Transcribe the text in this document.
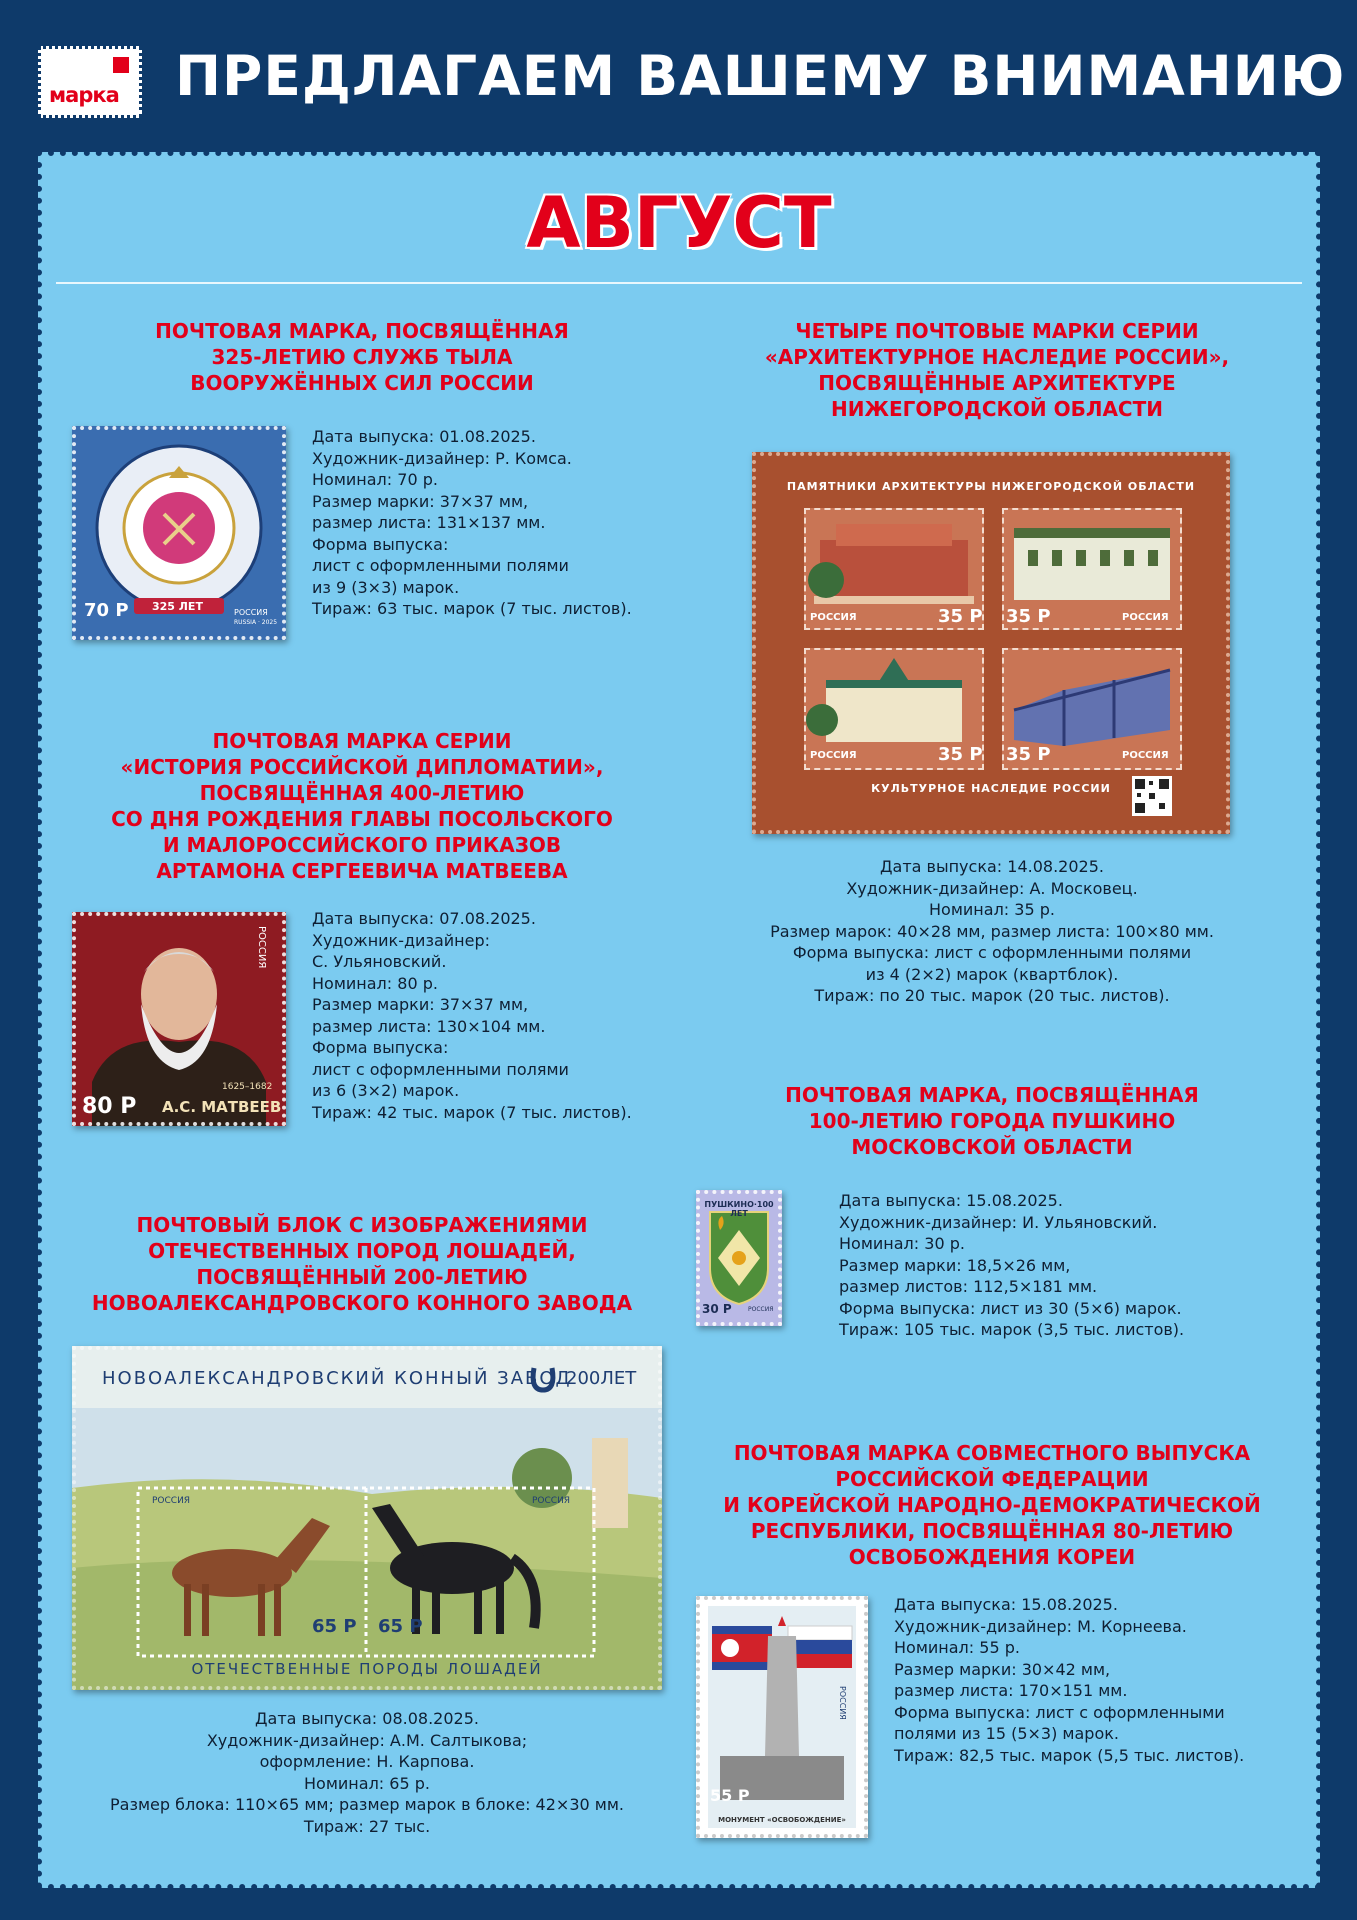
марка ПРЕДЛАГАЕМ ВАШЕМУ ВНИМАНИЮ
АВГУСТ
ПОЧТОВАЯ МАРКА, ПОСВЯЩЁННАЯ
325-ЛЕТИЮ СЛУЖБ ТЫЛА
ВООРУЖЁННЫХ СИЛ РОССИИ
325 ЛЕТ
70 Р	РОССИЯ
RUSSIA · 2025
Дата выпуска: 01.08.2025.
Художник-дизайнер: Р. Комса.
Номинал: 70 р.
Размер марки: 37×37 мм,
размер листа: 131×137 мм.
Форма выпуска:
лист с оформленными полями
из 9 (3×3) марок.
Тираж: 63 тыс. марок (7 тыс. листов).
ЧЕТЫРЕ ПОЧТОВЫЕ МАРКИ СЕРИИ
«АРХИТЕКТУРНОЕ НАСЛЕДИЕ РОССИИ»,
ПОСВЯЩЁННЫЕ АРХИТЕКТУРЕ
НИЖЕГОРОДСКОЙ ОБЛАСТИ
ПАМЯТНИКИ АРХИТЕКТУРЫ НИЖЕГОРОДСКОЙ ОБЛАСТИ
35 Р 35 Р
35 Р 35 Р
РОССИЯ	РОССИЯ
РОССИЯ	РОССИЯ
КУЛЬТУРНОЕ НАСЛЕДИЕ РОССИИ
Дата выпуска: 14.08.2025.
Художник-дизайнер: А. Московец.
Номинал: 35 р.
Размер марок: 40×28 мм, размер листа: 100×80 мм.
Форма выпуска: лист с оформленными полями
из 4 (2×2) марок (квартблок).
Тираж: по 20 тыс. марок (20 тыс. листов).
ПОЧТОВАЯ МАРКА СЕРИИ
«ИСТОРИЯ РОССИЙСКОЙ ДИПЛОМАТИИ»,
ПОСВЯЩЁННАЯ 400-ЛЕТИЮ
СО ДНЯ РОЖДЕНИЯ ГЛАВЫ ПОСОЛЬСКОГО
И МАЛОРОССИЙСКОГО ПРИКАЗОВ
АРТАМОНА СЕРГЕЕВИЧА МАТВЕЕВА
80 Р А.С. МАТВЕЕВ
1625–1682
РОССИЯ
Дата выпуска: 07.08.2025.
Художник-дизайнер:
С. Ульяновский.
Номинал: 80 р.
Размер марки: 37×37 мм,
размер листа: 130×104 мм.
Форма выпуска:
лист с оформленными полями
из 6 (3×2) марок.
Тираж: 42 тыс. марок (7 тыс. листов).
ПОЧТОВАЯ МАРКА, ПОСВЯЩЁННАЯ
100-ЛЕТИЮ ГОРОДА ПУШКИНО
МОСКОВСКОЙ ОБЛАСТИ
ПУШКИНО·100 ЛЕТ
30 Р	РОССИЯ
Дата выпуска: 15.08.2025.
Художник-дизайнер: И. Ульяновский.
Номинал: 30 р.
Размер марки: 18,5×26 мм,
размер листов: 112,5×181 мм.
Форма выпуска: лист из 30 (5×6) марок.
Тираж: 105 тыс. марок (3,5 тыс. листов).
ПОЧТОВЫЙ БЛОК С ИЗОБРАЖЕНИЯМИ
ОТЕЧЕСТВЕННЫХ ПОРОД ЛОШАДЕЙ,
ПОСВЯЩЁННЫЙ 200-ЛЕТИЮ
НОВОАЛЕКСАНДРОВСКОГО КОННОГО ЗАВОДА
НОВОАЛЕКСАНДРОВСКИЙ КОННЫЙ ЗАВОД
200ЛЕТ
65 Р 65 Р
РОССИЯ	РОССИЯ
ОТЕЧЕСТВЕННЫЕ ПОРОДЫ ЛОШАДЕЙ
Дата выпуска: 08.08.2025.
Художник-дизайнер: А.М. Салтыкова;
оформление: Н. Карпова.
Номинал: 65 р.
Размер блока: 110×65 мм; размер марок в блоке: 42×30 мм.
Тираж: 27 тыс.
ПОЧТОВАЯ МАРКА СОВМЕСТНОГО ВЫПУСКА
РОССИЙСКОЙ ФЕДЕРАЦИИ
И КОРЕЙСКОЙ НАРОДНО-ДЕМОКРАТИЧЕСКОЙ
РЕСПУБЛИКИ, ПОСВЯЩЁННАЯ 80-ЛЕТИЮ
ОСВОБОЖДЕНИЯ КОРЕИ
55 Р
РОССИЯ
МОНУМЕНТ «ОСВОБОЖДЕНИЕ»
Дата выпуска: 15.08.2025.
Художник-дизайнер: М. Корнеева.
Номинал: 55 р.
Размер марки: 30×42 мм,
размер листа: 170×151 мм.
Форма выпуска: лист с оформленными
полями из 15 (5×3) марок.
Тираж: 82,5 тыс. марок (5,5 тыс. листов).
